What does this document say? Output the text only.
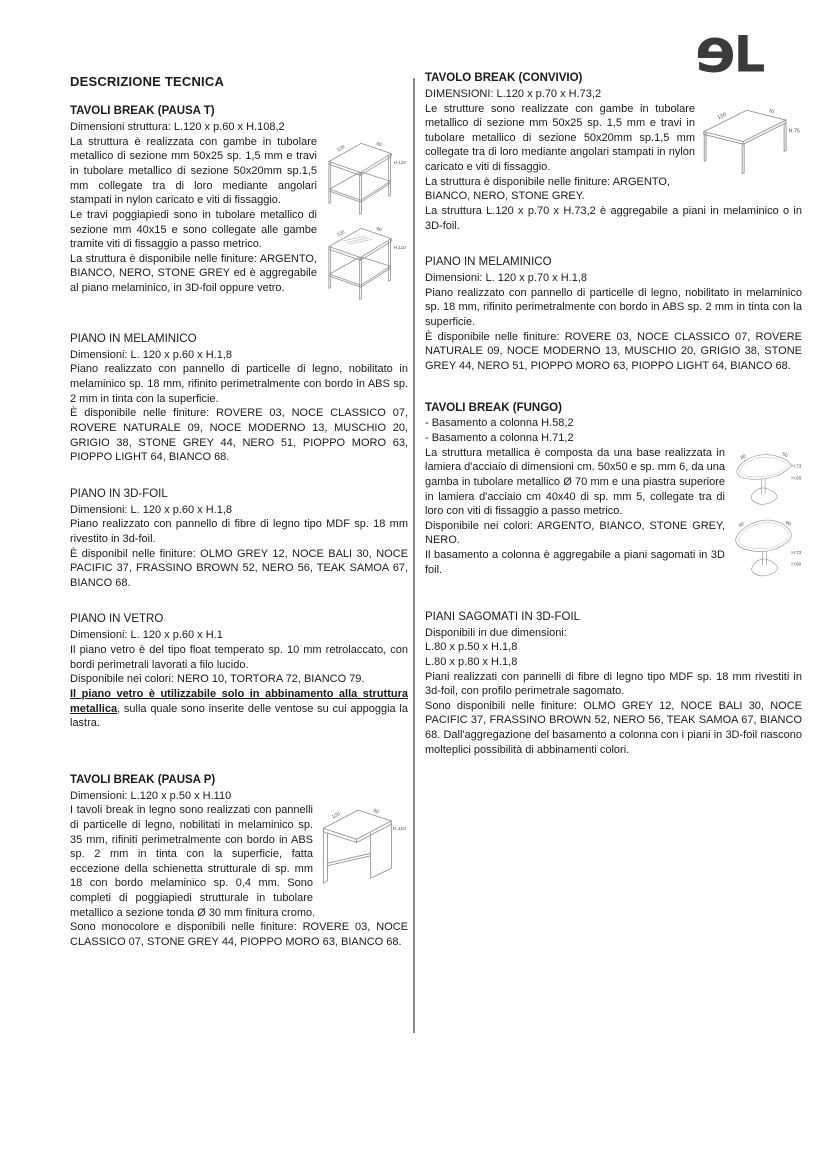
e
L
DESCRIZIONE TECNICA
TAVOLI BREAK (PAUSA T)

Dimensioni struttura: L.120 x p.60 x H.108,2

120	60
H.110
120	60
H.110

La struttura è realizzata con gambe in tubolare metallico di sezione mm 50x25 sp. 1,5 mm e travi in tubolare metallico di sezione 50x20mm sp.1,5 mm collegate tra di loro mediante angolari stampati in nylon caricato e viti di fissaggio.

Le travi poggiapiedi sono in tubolare metallico di sezione mm 40x15 e sono collegate alle gambe tramite viti di fissaggio a passo metrico.

La struttura è disponibile nelle finiture: ARGENTO, BIANCO, NERO, STONE GREY ed è aggregabile al piano melaminico, in 3D-foil oppure vetro.

PIANO IN MELAMINICO

Dimensioni: L. 120 x p.60 x H.1,8

Piano realizzato con pannello di particelle di legno, nobilitato in melaminico sp. 18 mm, rifinito perimetralmente con bordo in ABS sp. 2 mm in tinta con la superficie.

È disponibile nelle finiture: ROVERE 03, NOCE CLASSICO 07, ROVERE NATURALE 09, NOCE MODERNO 13, MUSCHIO 20, GRIGIO 38, STONE GREY 44, NERO 51, PIOPPO MORO 63, PIOPPO LIGHT 64, BIANCO 68.

PIANO IN 3D-FOIL

Dimensioni: L. 120 x p.60 x H.1,8

Piano realizzato con pannello di fibre di legno tipo MDF sp. 18 mm rivestito in 3d-foil.

È disponibil nelle finiture: OLMO GREY 12, NOCE BALI 30, NOCE PACIFIC 37, FRASSINO BROWN 52, NERO 56, TEAK SAMOA 67, BIANCO 68.

PIANO IN VETRO

Dimensioni: L. 120 x p.60 x H.1

Il piano vetro è del tipo float temperato sp. 10 mm retrolaccato, con bordi perimetrali lavorati a filo lucido.

Disponibile nei colori: NERO 10, TORTORA 72, BIANCO 79.

Il piano vetro è utilizzabile solo in abbinamento alla struttura metallica, sulla quale sono inserite delle ventose su cui appoggia la lastra.

TAVOLI BREAK (PAUSA P)

Dimensioni: L.120 x p.50 x H.110

120	50
H.110

I tavoli break in legno sono realizzati con pannelli di particelle di legno, nobilitati in melaminico sp. 35 mm, rifiniti perimetralmente con bordo in ABS sp. 2 mm in tinta con la superficie, fatta eccezione della schienetta strutturale di sp. mm 18 con bordo melaminico sp. 0,4 mm. Sono completi di poggiapiedi strutturale in tubolare metallico a sezione tonda Ø 30 mm finitura cromo.

Sono monocolore e disponibili nelle finiture: ROVERE 03, NOCE CLASSICO 07, STONE GREY 44, PIOPPO MORO 63, BIANCO 68.

TAVOLO BREAK (CONVIVIO)

DIMENSIONI: L.120 x p.70 x H.73,2

120	70
H.75

Le strutture sono realizzate con gambe in tubolare metallico di sezione mm 50x25 sp. 1,5 mm e travi in tubolare metallico di sezione 50x20mm sp.1,5 mm collegate tra di loro mediante angolari stampati in nylon caricato e viti di fissaggio.

La struttura è disponibile nelle finiture: ARGENTO, BIANCO, NERO, STONE GREY.

La struttura L.120 x p.70 x H.73,2 è aggregabile a piani in melaminico o in 3D-foil.

PIANO IN MELAMINICO

Dimensioni: L. 120 x p.70 x H.1,8

Piano realizzato con pannello di particelle di legno, nobilitato in melaminico sp. 18 mm, rifinito perimetralmente con bordo in ABS sp. 2 mm in tinta con la superficie.

È disponibile nelle finiture: ROVERE 03, NOCE CLASSICO 07, ROVERE NATURALE 09, NOCE MODERNO 13, MUSCHIO 20, GRIGIO 38, STONE GREY 44, NERO 51, PIOPPO MORO 63, PIOPPO LIGHT 64, BIANCO 68.

TAVOLI BREAK (FUNGO)

- Basamento a colonna H.58,2

- Basamento a colonna H.71,2

80	50
H.73
H.60
80	80
H.73
H.60

La struttura metallica è composta da una base realizzata in lamiera d'acciaio di dimensioni cm. 50x50 e sp. mm 6, da una gamba in tubolare metallico Ø 70 mm e una piastra superiore in lamiera d'acciaio cm 40x40 di sp. mm 5, collegate tra di loro con viti di fissaggio a passo metrico.

Disponibile nei colori: ARGENTO, BIANCO, STONE GREY, NERO.

Il basamento a colonna è aggregabile a piani sagomati in 3D foil.

PIANI SAGOMATI IN 3D-FOIL

Disponibili in due dimensioni:

L.80 x p.50 x H.1,8

L.80 x p.80 x H.1,8

Piani realizzati con pannelli di fibre di legno tipo MDF sp. 18 mm rivestiti in 3d-foil, con profilo perimetrale sagomato.

Sono disponibili nelle finiture: OLMO GREY 12, NOCE BALI 30, NOCE PACIFIC 37, FRASSINO BROWN 52, NERO 56, TEAK SAMOA 67, BIANCO 68. Dall'aggregazione del basamento a colonna con i piani in 3D-foil nascono molteplici possibilità di abbinamenti colori.
